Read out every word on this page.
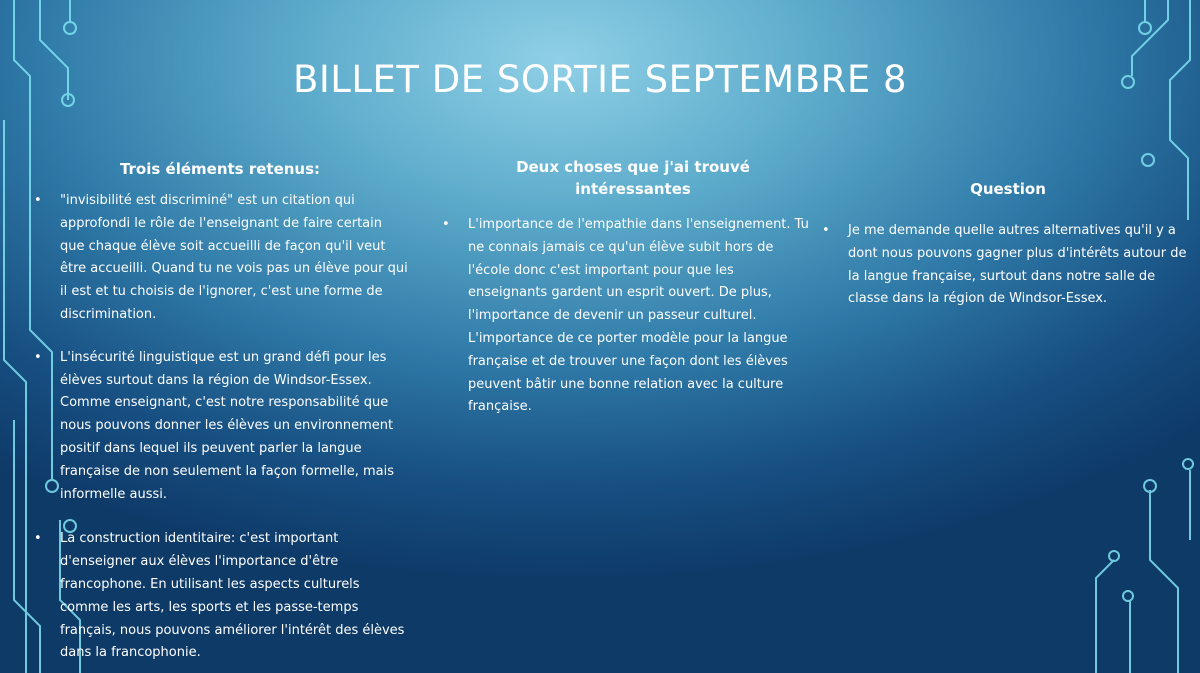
BILLET DE SORTIE SEPTEMBRE 8
Trois éléments retenus:
• "invisibilité est discriminé" est un citation qui approfondi le rôle de l'enseignant de faire certain que chaque élève soit accueilli de façon qu'il veut être accueilli. Quand tu ne vois pas un élève pour qui il est et tu choisis de l'ignorer, c'est une forme de discrimination.
• L'insécurité linguistique est un grand défi pour les élèves surtout dans la région de Windsor-Essex. Comme enseignant, c'est notre responsabilité que nous pouvons donner les élèves un environnement positif dans lequel ils peuvent parler la langue française de non seulement la façon formelle, mais informelle aussi.
• La construction identitaire: c'est important d'enseigner aux élèves l'importance d'être francophone. En utilisant les aspects culturels comme les arts, les sports et les passe-temps français, nous pouvons améliorer l'intérêt des élèves dans la francophonie.
Deux choses que j'ai trouvé intéressantes
• L'importance de l'empathie dans l'enseignement. Tu ne connais jamais ce qu'un élève subit hors de l'école donc c'est important pour que les enseignants gardent un esprit ouvert. De plus, l'importance de devenir un passeur culturel. L'importance de ce porter modèle pour la langue française et de trouver une façon dont les élèves peuvent bâtir une bonne relation avec la culture française.
Question
• Je me demande quelle autres alternatives qu'il y a dont nous pouvons gagner plus d'intérêts autour de la langue française, surtout dans notre salle de classe dans la région de Windsor-Essex.
